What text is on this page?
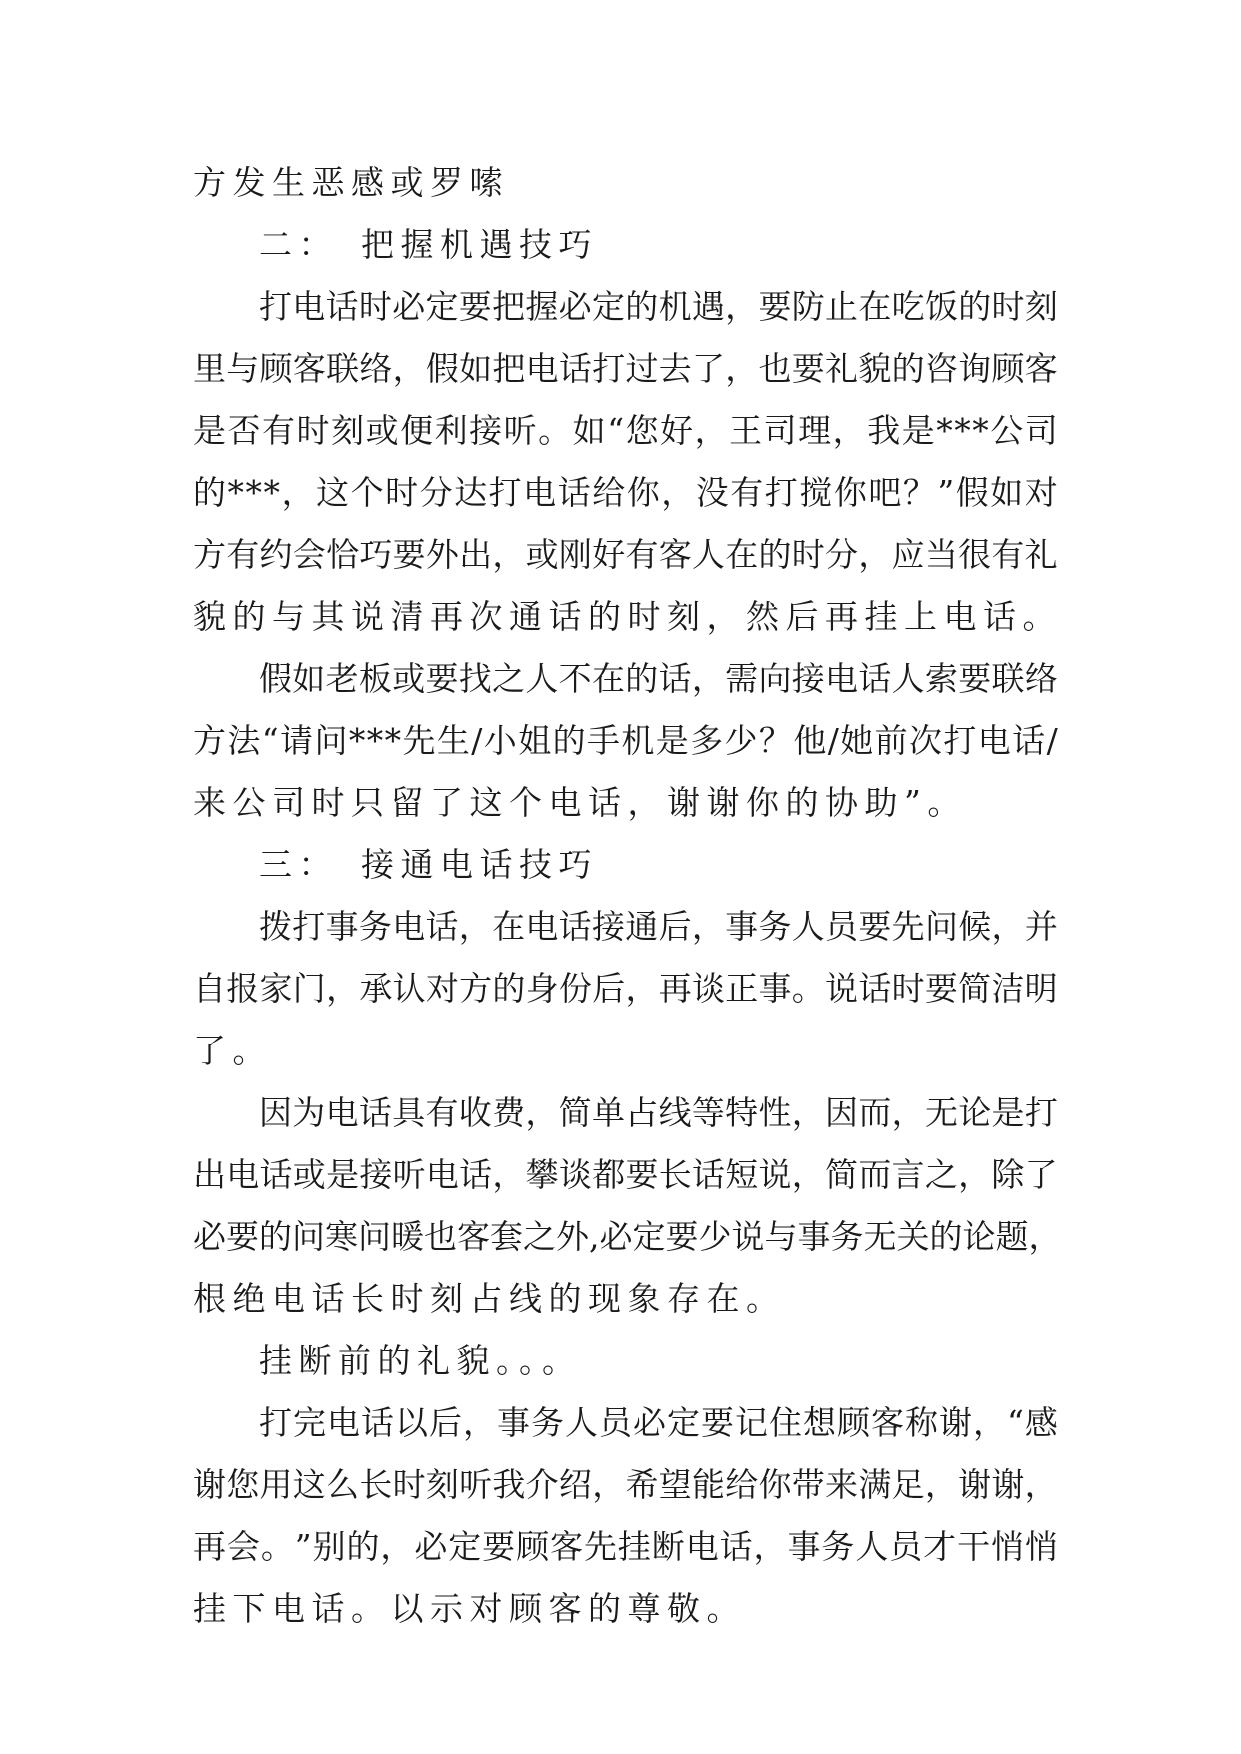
方发生恶感或罗嗦
二：　把握机遇技巧
打 电 话 时 必 定 要 把 握 必 定 的 机 遇 ， 要 防 止 在 吃 饭 的 时 刻
里 与 顾 客 联 络 ， 假 如 把 电 话 打 过 去 了 ， 也 要 礼 貌 的 咨 询 顾 客
是 否 有 时 刻 或 便 利 接 听 。 如 “ 您 好 ， 王 司 理 ， 我 是 * * * 公 司
的 * * * ， 这 个 时 分 达 打 电 话 给 你 ， 没 有 打 搅 你 吧 ？ ” 假 如 对
方 有 约 会 恰 巧 要 外 出 ， 或 刚 好 有 客 人 在 的 时 分 ， 应 当 很 有 礼
貌的与其说清再次通话的时刻，然后再挂上电话。
假 如 老 板 或 要 找 之 人 不 在 的 话 ， 需 向 接 电 话 人 索 要 联 络
方 法 “ 请 问 * * * 先 生 / 小 姐 的 手 机 是 多 少 ？ 他 / 她 前 次 打 电 话 /
来公司时只留了这个电话，谢谢你的协助”。
三：　接通电话技巧
拨 打 事 务 电 话 ， 在 电 话 接 通 后 ， 事 务 人 员 要 先 问 候 ， 并
自 报 家 门 ， 承 认 对 方 的 身 份 后 ， 再 谈 正 事 。 说 话 时 要 简 洁 明
了。
因 为 电 话 具 有 收 费 ， 简 单 占 线 等 特 性 ， 因 而 ， 无 论 是 打
出 电 话 或 是 接 听 电 话 ， 攀 谈 都 要 长 话 短 说 ， 简 而 言 之 ， 除 了
必 要 的 问 寒 问 暖 也 客 套 之 外 , 必 定 要 少 说 与 事 务 无 关 的 论 题 ，
根绝电话长时刻占线的现象存在。
挂断前的礼貌。。。
打 完 电 话 以 后 ， 事 务 人 员 必 定 要 记 住 想 顾 客 称 谢 ， “ 感
谢 您 用 这 么 长 时 刻 听 我 介 绍 ， 希 望 能 给 你 带 来 满 足 ， 谢 谢 ，
再 会 。 ” 别 的 ， 必 定 要 顾 客 先 挂 断 电 话 ， 事 务 人 员 才 干 悄 悄
挂下电话。以示对顾客的尊敬。
